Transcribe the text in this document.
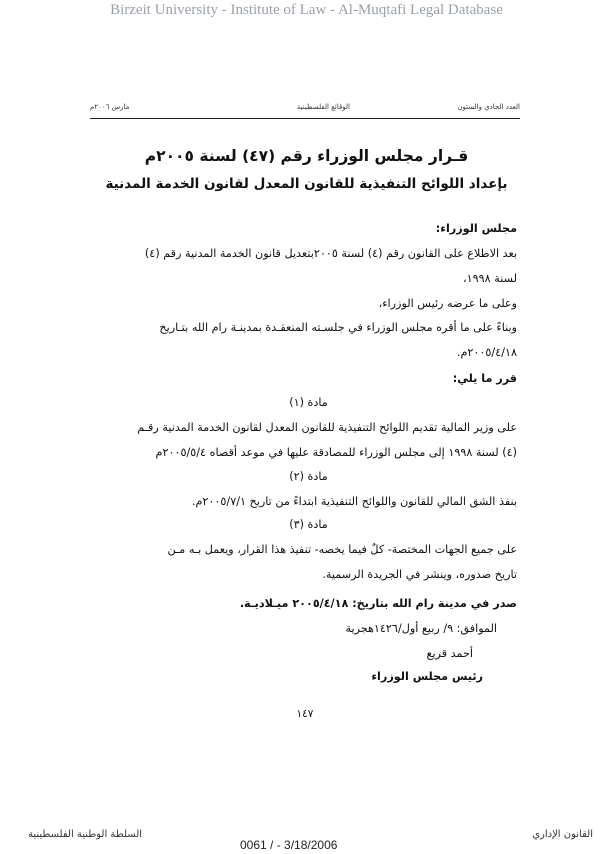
Birzeit University - Institute of Law - Al-Muqtafi Legal Database
العدد الحادي والستون
الوقائع الفلسطينية
مارس ٢٠٠٦م
قـرار مجلس الوزراء رقم (٤٧) لسنة ٢٠٠٥م
بإعداد اللوائح التنفيذية للقانون المعدل لقانون الخدمة المدنية
مجلس الوزراء:
بعد الاطلاع على القانون رقم (٤) لسنة ٢٠٠٥بتعديل قانون الخدمة المدنية رقم (٤)
لسنة ١٩٩٨،
وعلى ما عرضه رئيس الوزراء،
وبناءً على ما أقره مجلس الوزراء في جلسـته المنعقـدة بمدينـة رام الله بتـاريخ
٢٠٠٥/٤/١٨م.
قرر ما يلي:
مادة (١)
على وزير المالية تقديم اللوائح التنفيذية للقانون المعدل لقانون الخدمة المدنية رقـم
(٤) لسنة ١٩٩٨ إلى مجلس الوزراء للمصادقة عليها في موعد أقصاه ٢٠٠٥/٥/٤م
مادة (٢)
بنفذ الشق المالي للقانون واللوائح التنفيذية ابتداءً من تاريخ ٢٠٠٥/٧/١م.
مادة (٣)
على جميع الجهات المختصة- كلٌ فيما يخصه- تنفيذ هذا القرار، ويعمل بـه مـن
تاريخ صدوره، وينشر في الجريدة الرسمية.
صدر في مدينة رام الله بتاريخ: ٢٠٠٥/٤/١٨ ميـلاديـة.
الموافق: ٩/ ربيع أول/١٤٢٦هجرية
أحمد قريع
رئيس مجلس الوزراء
١٤٧
السلطة الوطنية الفلسطينية
0061 / - 3/18/2006
القانون الإداري
